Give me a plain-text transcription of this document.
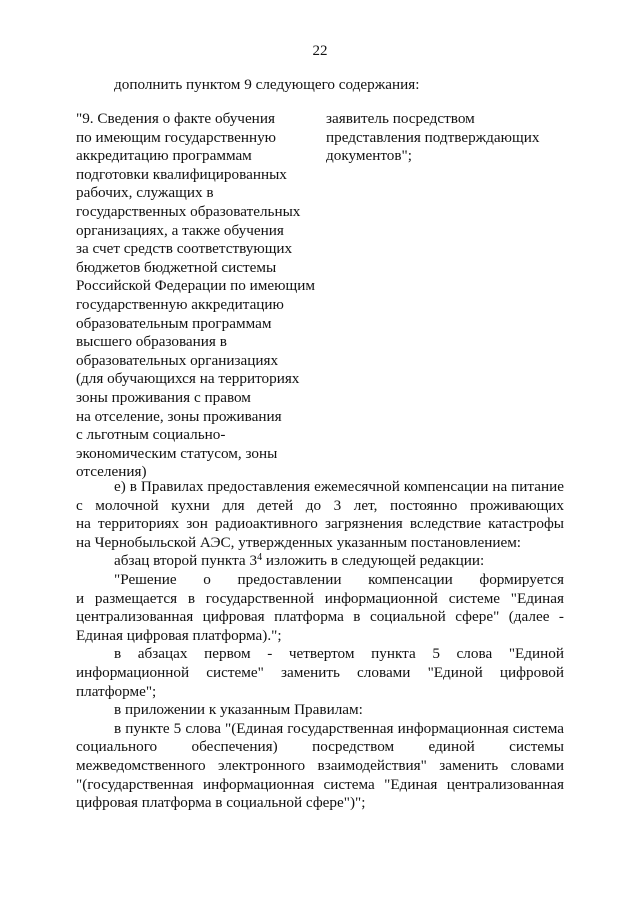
22
дополнить пунктом 9 следующего содержания:
"9. Сведения о факте обучения
по имеющим государственную
аккредитацию программам
подготовки квалифицированных
рабочих, служащих в
государственных образовательных
организациях, а также обучения
за счет средств соответствующих
бюджетов бюджетной системы
Российской Федерации по имеющим
государственную аккредитацию
образовательным программам
высшего образования в
образовательных организациях
(для обучающихся на территориях
зоны проживания с правом
на отселение, зоны проживания
с льготным социально-
экономическим статусом, зоны
отселения)
заявитель посредством
представления подтверждающих
документов";
е) в Правилах предоставления ежемесячной компенсации на питание
с молочной кухни для детей до 3 лет, постоянно проживающих
на территориях зон радиоактивного загрязнения вследствие катастрофы
на Чернобыльской АЭС, утвержденных указанным постановлением:
абзац второй пункта $3^4$ изложить в следующей редакции:
"Решение о предоставлении компенсации формируется
и размещается в государственной информационной системе "Единая
централизованная цифровая платформа в социальной сфере" (далее -
Единая цифровая платформа).";
в абзацах первом - четвертом пункта 5 слова "Единой
информационной системе" заменить словами "Единой цифровой
платформе";
в приложении к указанным Правилам:
в пункте 5 слова "(Единая государственная информационная система
социального обеспечения) посредством единой системы
межведомственного электронного взаимодействия" заменить словами
"(государственная информационная система "Единая централизованная
цифровая платформа в социальной сфере")";
